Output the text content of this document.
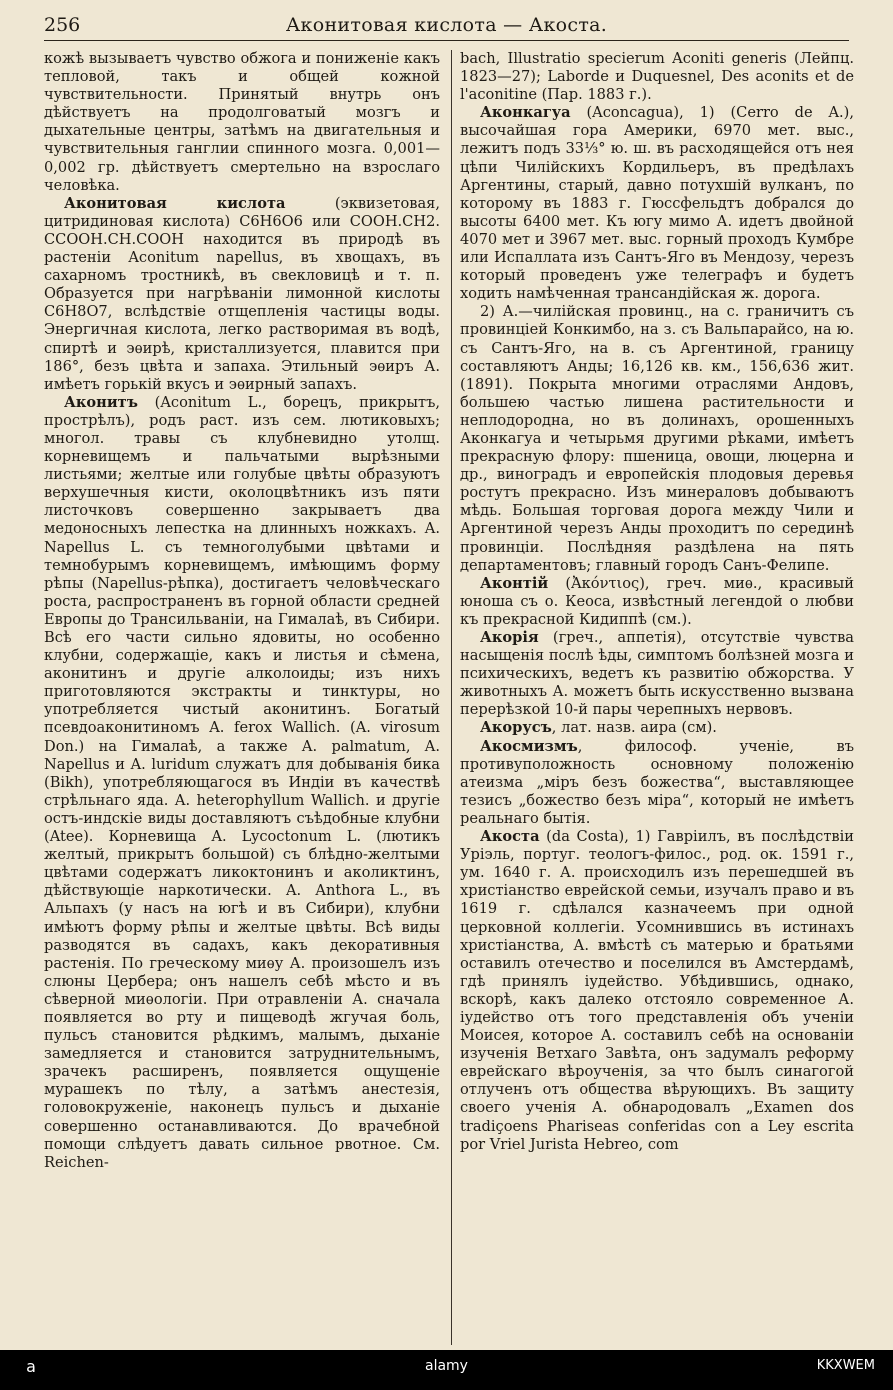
256	Аконитовая кислота — Акоста.

кожѣ вызываетъ чувство обжога и пониженіе какъ тепловой, такъ и общей кожной чувствительности. Принятый внутрь онъ дѣйствуетъ на продолговатый мозгъ и дыхательные центры, затѣмъ на двигательныя и чувствительныя ганглии спинного мозга. 0,001—0,002 гр. дѣйствуетъ смертельно на взрослаго человѣка.

Аконитовая кислота (эквизетовая, цитридиновая кислота) C6H6O6 или COOH.CH2. CCOOH.CH.COOH находится въ природѣ въ растеніи Aconitum napellus, въ хвощахъ, въ сахарномъ тростникѣ, въ свекловицѣ и т. п. Образуется при нагрѣваніи лимонной кислоты C6H8O7, вслѣдствіе отщепленія частицы воды. Энергичная кислота, легко растворимая въ водѣ, спиртѣ и эѳирѣ, кристаллизуется, плавится при 186°, безъ цвѣта и запаха. Этильный эѳиръ А. имѣетъ горькій вкусъ и эѳирный запахъ.

Аконитъ (Aconitum L., борецъ, прикрытъ, прострѣлъ), родъ раст. изъ сем. лютиковыхъ; многол. травы съ клубневидно утолщ. корневищемъ и пальчатыми вырѣзными листьями; желтые или голубые цвѣты образуютъ верхушечныя кисти, околоцвѣтникъ изъ пяти листочковъ совершенно закрываетъ два медоносныхъ лепестка на длинныхъ ножкахъ. A. Napellus L. съ темноголубыми цвѣтами и темнобурымъ корневищемъ, имѣющимъ форму рѣпы (Napellus-рѣпка), достигаетъ человѣческаго роста, распространенъ въ горной области средней Европы до Трансильваніи, на Гималаѣ, въ Сибири. Всѣ его части сильно ядовиты, но особенно клубни, содержащіе, какъ и листья и сѣмена, аконитинъ и другіе алколоиды; изъ нихъ приготовляются экстракты и тинктуры, но употребляется чистый аконитинъ. Богатый псевдоаконитиномъ A. ferox Wallich. (A. virosum Don.) на Гималаѣ, а также A. palmatum, A. Napellus и A. luridum служатъ для добыванія бика (Bikh), употребляющагося въ Индіи въ качествѣ стрѣльнаго яда. A. heterophyllum Wallich. и другіе остъ-индскіе виды доставляютъ съѣдобные клубни (Atee). Корневища A. Lycoctonum L. (лютикъ желтый, прикрытъ большой) съ блѣдно-желтыми цвѣтами содержатъ ликоктонинъ и аколиктинъ, дѣйствующіе наркотически. A. Anthora L., въ Альпахъ (у насъ на югѣ и въ Сибири), клубни имѣютъ форму рѣпы и желтые цвѣты. Всѣ виды разводятся въ садахъ, какъ декоративныя растенія. По греческому миѳу А. произошелъ изъ слюны Цербера; онъ нашелъ себѣ мѣсто и въ сѣверной миѳологіи. При отравленіи А. сначала появляется во рту и пищеводѣ жгучая боль, пульсъ становится рѣдкимъ, малымъ, дыханіе замедляется и становится затруднительнымъ, зрачекъ расширенъ, появляется ощущеніе мурашекъ по тѣлу, а затѣмъ анестезія, головокруженіе, наконецъ пульсъ и дыханіе совершенно останавливаются. До врачебной помощи слѣдуетъ давать сильное рвотное. См. Reichen-

bach, Illustratio specierum Aconiti generis (Лейпц. 1823—27); Laborde и Duquesnel, Des aconits et de l'aconitine (Пар. 1883 г.).

Аконкагуа (Aconcagua), 1) (Cerro de A.), высочайшая гора Америки, 6970 мет. выс., лежитъ подъ 33⅓° ю. ш. въ расходящейся отъ нея цѣпи Чилійскихъ Кордильеръ, въ предѣлахъ Аргентины, старый, давно потухшій вулканъ, по которому въ 1883 г. Гюссфельдтъ добрался до высоты 6400 мет. Къ югу мимо А. идетъ двойной 4070 мет и 3967 мет. выс. горный проходъ Кумбре или Испаллата изъ Сантъ-Яго въ Мендозу, черезъ который проведенъ уже телеграфъ и будетъ ходить намѣченная трансандійская ж. дорога.

2) А.—чилійская провинц., на с. граничитъ съ провинціей Конкимбо, на з. съ Вальпарайсо, на ю. съ Сантъ-Яго, на в. съ Аргентиной, границу составляютъ Анды; 16,126 кв. км., 156,636 жит. (1891). Покрыта многими отраслями Андовъ, большею частью лишена растительности и неплодородна, но въ долинахъ, орошенныхъ Аконкагуа и четырьмя другими рѣками, имѣетъ прекрасную флору: пшеница, овощи, люцерна и др., виноградъ и европейскія плодовыя деревья ростутъ прекрасно. Изъ минераловъ добываютъ мѣдь. Большая торговая дорога между Чили и Аргентиной черезъ Анды проходитъ по серединѣ провинціи. Послѣдняя раздѣлена на пять департаментовъ; главный городъ Санъ-Фелипе.

Аконтій (Ἀκόντιος), греч. миѳ., красивый юноша съ о. Кеоса, извѣстный легендой о любви къ прекрасной Кидиппѣ (см.).

Акорія (греч., аппетія), отсутствіе чувства насыщенія послѣ ѣды, симптомъ болѣзней мозга и психическихъ, ведетъ къ развитію обжорства. У животныхъ А. можетъ быть искусственно вызвана перерѣзкой 10-й пары черепныхъ нервовъ.

Акорусъ, лат. назв. аира (см).

Акосмизмъ, философ. ученіе, въ противуположность основному положенію атеизма „міръ безъ божества“, выставляющее тезисъ „божество безъ міра“, который не имѣетъ реальнаго бытія.

Акоста (da Costa), 1) Гавріилъ, въ послѣдствіи Уріэль, португ. теологъ-филос., род. ок. 1591 г., ум. 1640 г. А. происходилъ изъ перешедшей въ христіанство еврейской семьи, изучалъ право и въ 1619 г. сдѣлался казначеемъ при одной церковной коллегіи. Усомнившись въ истинахъ христіанства, А. вмѣстѣ съ матерью и братьями оставилъ отечество и поселился въ Амстердамѣ, гдѣ принялъ іудейство. Убѣдившись, однако, вскорѣ, какъ далеко отстояло современное А. іудейство отъ того представленія объ ученіи Моисея, которое А. составилъ себѣ на основаніи изученія Ветхаго Завѣта, онъ задумалъ реформу еврейскаго вѣроученія, за что былъ синагогой отлученъ отъ общества вѣрующихъ. Въ защиту своего ученія А. обнародовалъ „Examen dos tradiçoens Phariseas conferidas con a Ley escrita por Vriel Jurista Hebreo, com

a	alamy	KKXWEM
